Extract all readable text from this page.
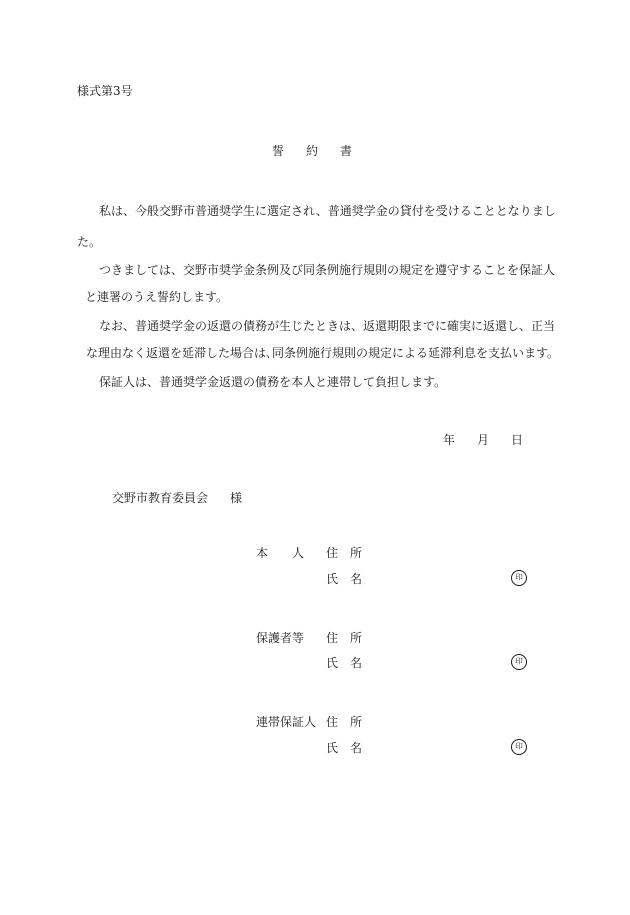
様式第3号
誓 約 書
私は、今般交野市普通奨学生に選定され、普通奨学金の貸付を受けることとなりまし
た。
つきましては、交野市奨学金条例及び同条例施行規則の規定を遵守することを保証人
と連署のうえ誓約します。
なお、普通奨学金の返還の債務が生じたときは、返還期限までに確実に返還し、正当
な理由なく返還を延滞した場合は､同条例施行規則の規定による延滞利息を支払います。
保証人は、普通奨学金返還の債務を本人と連帯して負担します。
年 月 日
交野市教育委員会 様
本　　人 住　所
氏　名	印
保護者等 住　所
氏　名	印
連帯保証人 住　所
氏　名	印
